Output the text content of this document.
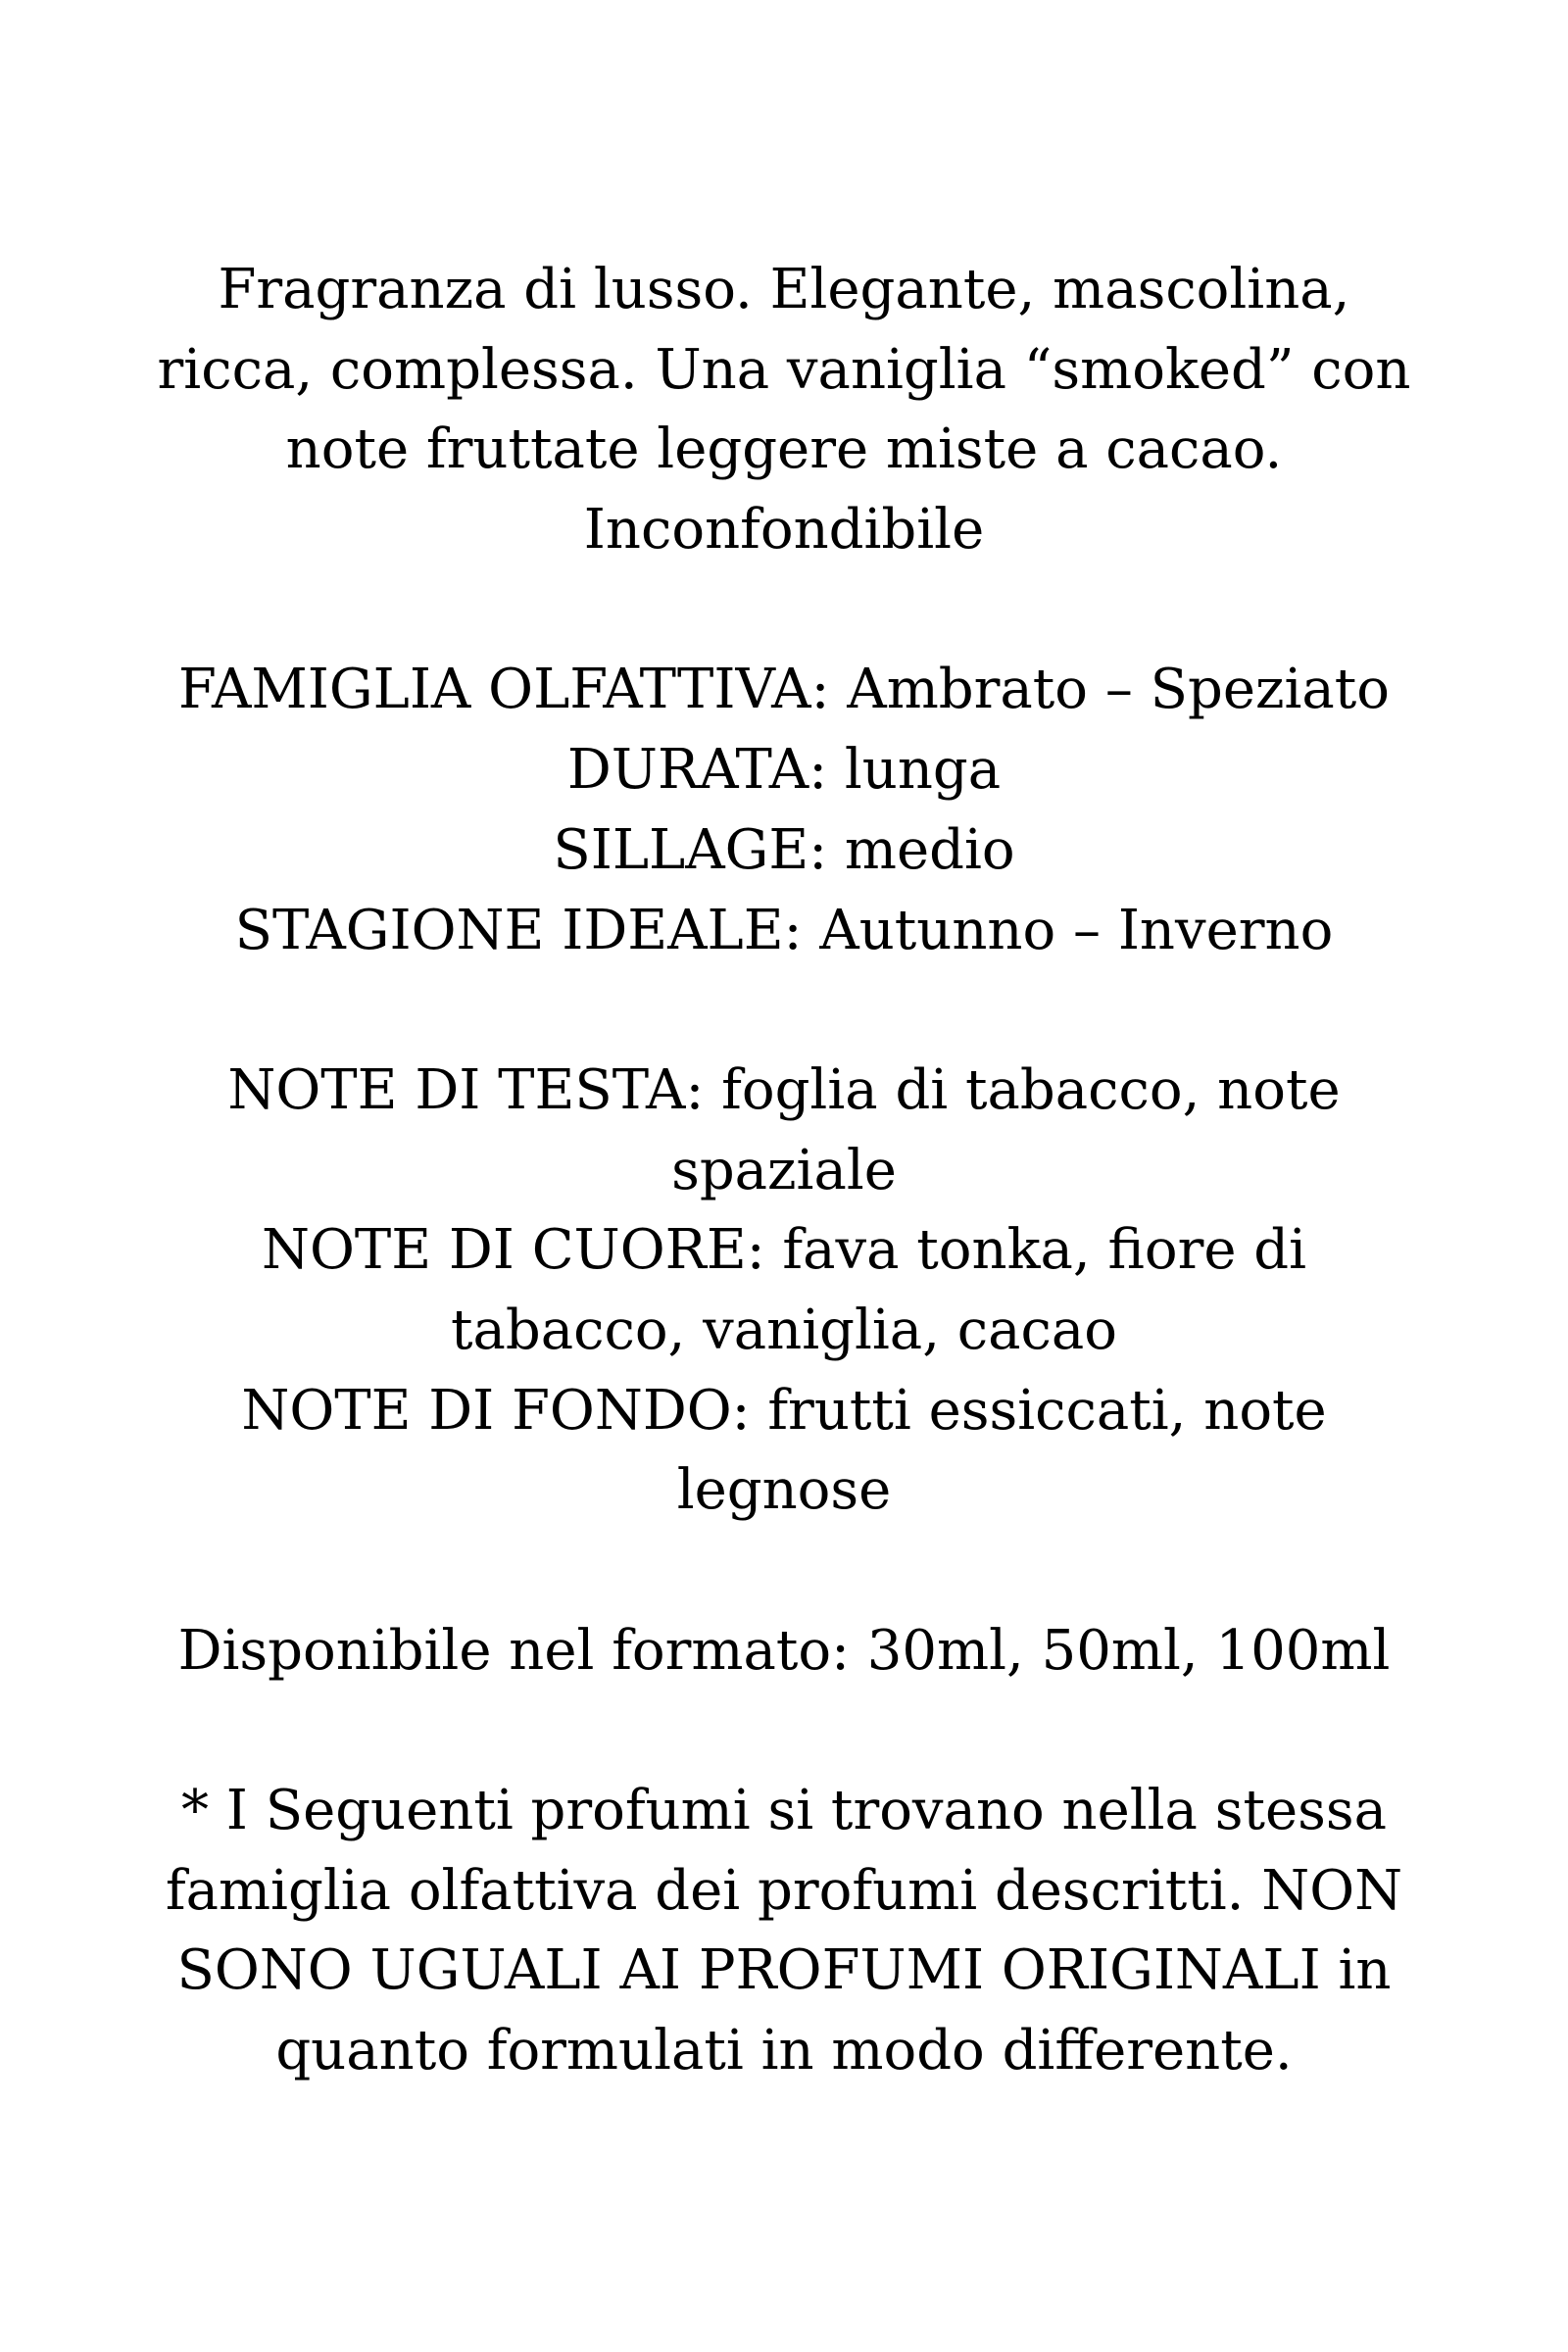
Fragranza di lusso. Elegante, mascolina,
ricca, complessa. Una vaniglia “smoked” con
note fruttate leggere miste a cacao.
Inconfondibile
FAMIGLIA OLFATTIVA: Ambrato – Speziato
DURATA: lunga
SILLAGE: medio
STAGIONE IDEALE: Autunno – Inverno
NOTE DI TESTA: foglia di tabacco, note
spaziale
NOTE DI CUORE: fava tonka, fiore di
tabacco, vaniglia, cacao
NOTE DI FONDO: frutti essiccati, note
legnose
Disponibile nel formato: 30ml, 50ml, 100ml
* I Seguenti profumi si trovano nella stessa
famiglia olfattiva dei profumi descritti. NON
SONO UGUALI AI PROFUMI ORIGINALI in
quanto formulati in modo differente.
